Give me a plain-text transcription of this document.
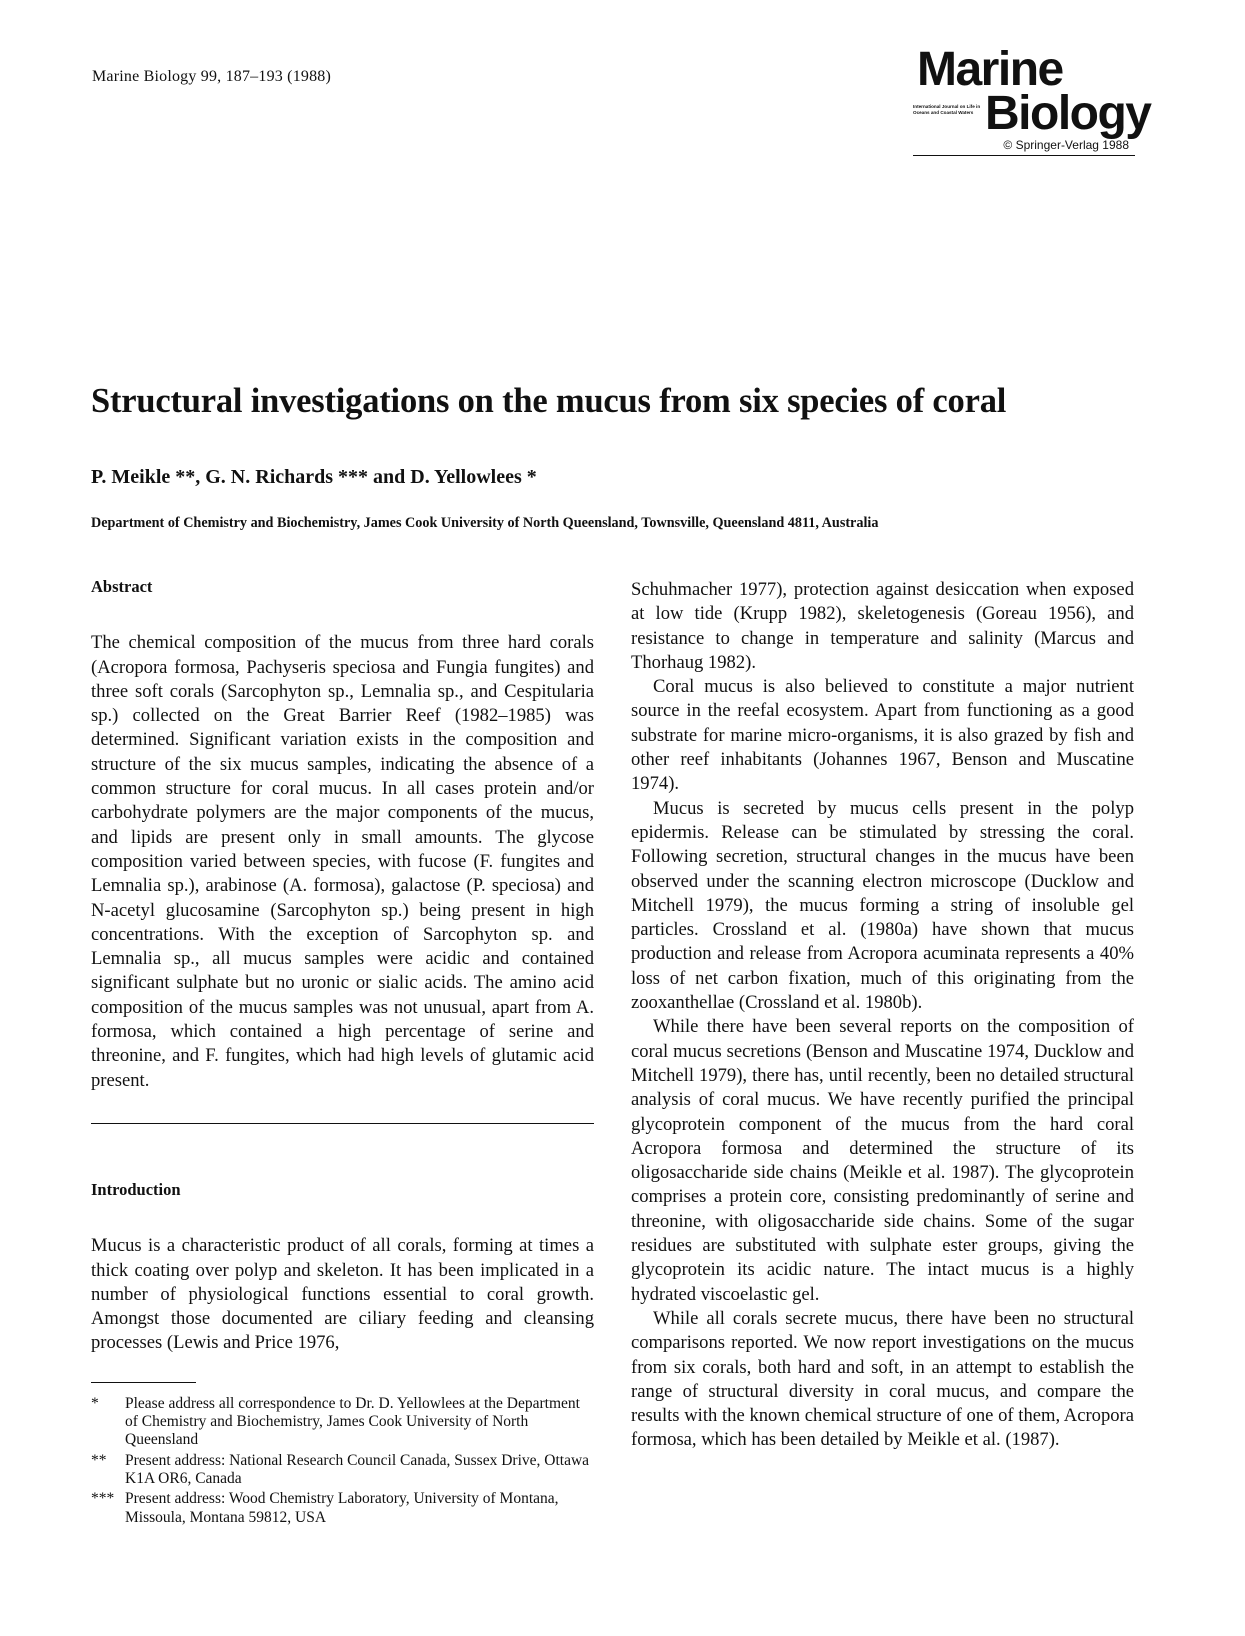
Marine Biology 99, 187–193 (1988)	Marine
International Journal on Life in Oceans and Coastal Waters Biology
© Springer-Verlag 1988
Structural investigations on the mucus from six species of coral

P. Meikle **, G. N. Richards *** and D. Yellowlees *

Department of Chemistry and Biochemistry, James Cook University of North Queensland, Townsville, Queensland 4811, Australia

Abstract

The chemical composition of the mucus from three hard corals (Acropora formosa, Pachyseris speciosa and Fungia fungites) and three soft corals (Sarcophyton sp., Lemnalia sp., and Cespitularia sp.) collected on the Great Barrier Reef (1982–1985) was determined. Significant variation exists in the composition and structure of the six mucus samples, indicating the absence of a common structure for coral mucus. In all cases protein and/or carbohydrate polymers are the major components of the mucus, and lipids are present only in small amounts. The glycose composition varied between species, with fucose (F. fungites and Lemnalia sp.), arabinose (A. formosa), galactose (P. speciosa) and N-acetyl glucosamine (Sarcophyton sp.) being present in high concentrations. With the exception of Sarcophyton sp. and Lemnalia sp., all mucus samples were acidic and contained significant sulphate but no uronic or sialic acids. The amino acid composition of the mucus samples was not unusual, apart from A. formosa, which contained a high percentage of serine and threonine, and F. fungites, which had high levels of glutamic acid present.

Introduction

Mucus is a characteristic product of all corals, forming at times a thick coating over polyp and skeleton. It has been implicated in a number of physiological functions essential to coral growth. Amongst those documented are ciliary feeding and cleansing processes (Lewis and Price 1976,

*	Please address all correspondence to Dr. D. Yellowlees at the Department of Chemistry and Biochemistry, James Cook University of North Queensland
**	Present address: National Research Council Canada, Sussex Drive, Ottawa K1A OR6, Canada
*** Present address: Wood Chemistry Laboratory, University of Montana, Missoula, Montana 59812, USA

Schuhmacher 1977), protection against desiccation when exposed at low tide (Krupp 1982), skeletogenesis (Goreau 1956), and resistance to change in temperature and salinity (Marcus and Thorhaug 1982).

Coral mucus is also believed to constitute a major nutrient source in the reefal ecosystem. Apart from functioning as a good substrate for marine micro-organisms, it is also grazed by fish and other reef inhabitants (Johannes 1967, Benson and Muscatine 1974).

Mucus is secreted by mucus cells present in the polyp epidermis. Release can be stimulated by stressing the coral. Following secretion, structural changes in the mucus have been observed under the scanning electron microscope (Ducklow and Mitchell 1979), the mucus forming a string of insoluble gel particles. Crossland et al. (1980a) have shown that mucus production and release from Acropora acuminata represents a 40% loss of net carbon fixation, much of this originating from the zooxanthellae (Crossland et al. 1980b).

While there have been several reports on the composition of coral mucus secretions (Benson and Muscatine 1974, Ducklow and Mitchell 1979), there has, until recently, been no detailed structural analysis of coral mucus. We have recently purified the principal glycoprotein component of the mucus from the hard coral Acropora formosa and determined the structure of its oligosaccharide side chains (Meikle et al. 1987). The glycoprotein comprises a protein core, consisting predominantly of serine and threonine, with oligosaccharide side chains. Some of the sugar residues are substituted with sulphate ester groups, giving the glycoprotein its acidic nature. The intact mucus is a highly hydrated viscoelastic gel.

While all corals secrete mucus, there have been no structural comparisons reported. We now report investigations on the mucus from six corals, both hard and soft, in an attempt to establish the range of structural diversity in coral mucus, and compare the results with the known chemical structure of one of them, Acropora formosa, which has been detailed by Meikle et al. (1987).
